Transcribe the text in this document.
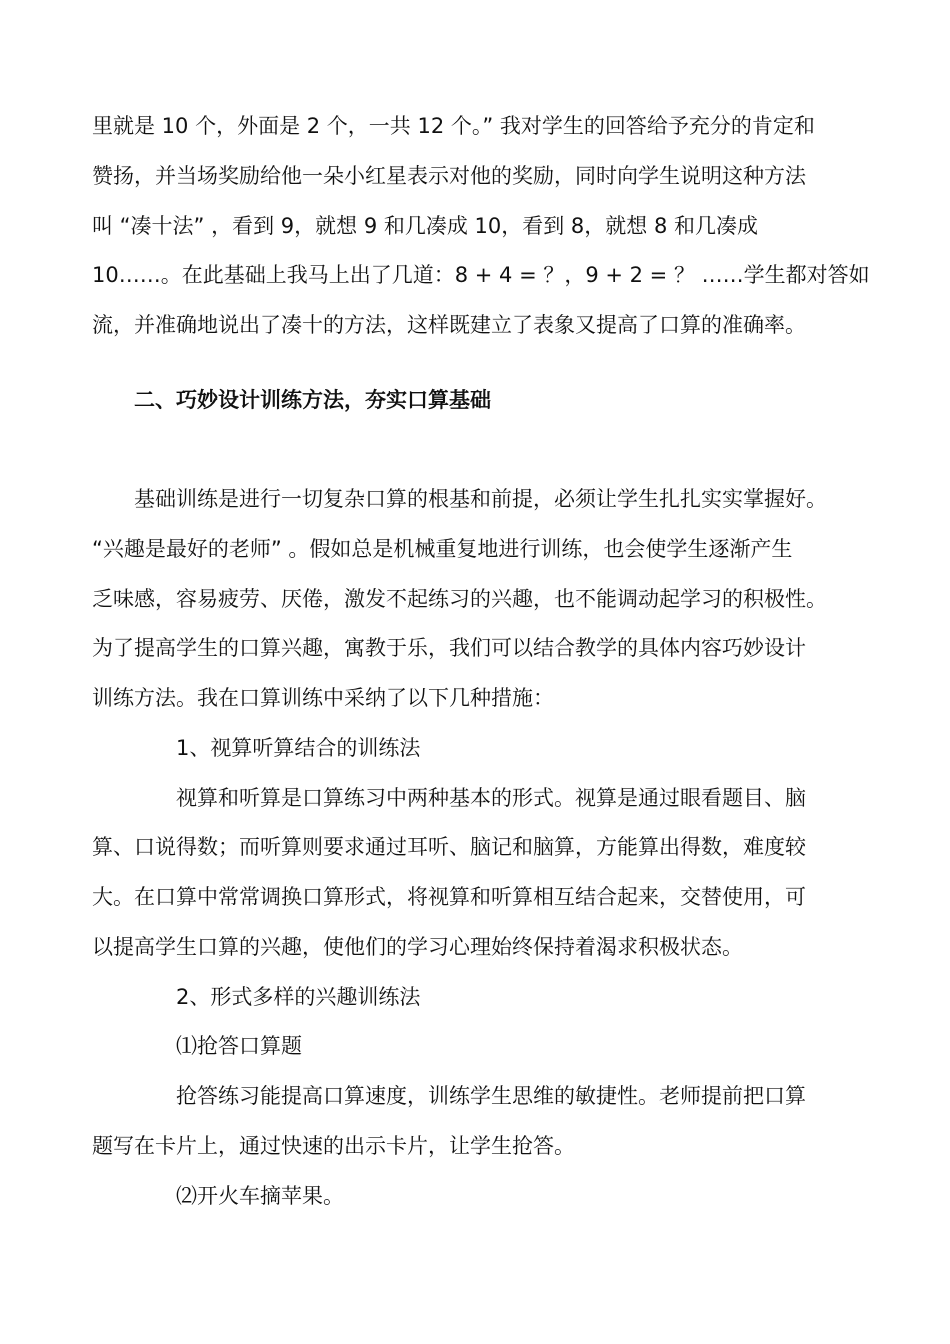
里就是 10 个，外面是 2 个，一共 12 个。” 我对学生的回答给予充分的肯定和
赞扬，并当场奖励给他一朵小红星表示对他的奖励，同时向学生说明这种方法
叫 “凑十法” ，看到 9，就想 9 和几凑成 10，看到 8，就想 8 和几凑成
10……。在此基础上我马上出了几道：8 + 4 = ？，9 + 2 = ？ ……学生都对答如
流，并准确地说出了凑十的方法，这样既建立了表象又提高了口算的准确率。
二、巧妙设计训练方法，夯实口算基础
基础训练是进行一切复杂口算的根基和前提，必须让学生扎扎实实掌握好。
“兴趣是最好的老师” 。假如总是机械重复地进行训练，也会使学生逐渐产生
乏味感，容易疲劳、厌倦，激发不起练习的兴趣，也不能调动起学习的积极性。
为了提高学生的口算兴趣，寓教于乐，我们可以结合教学的具体内容巧妙设计
训练方法。我在口算训练中采纳了以下几种措施：
1、视算听算结合的训练法
视算和听算是口算练习中两种基本的形式。视算是通过眼看题目、脑
算、口说得数；而听算则要求通过耳听、脑记和脑算，方能算出得数，难度较
大。在口算中常常调换口算形式，将视算和听算相互结合起来，交替使用，可
以提高学生口算的兴趣，使他们的学习心理始终保持着渴求积极状态。
2、形式多样的兴趣训练法
⑴抢答口算题
抢答练习能提高口算速度，训练学生思维的敏捷性。老师提前把口算
题写在卡片上，通过快速的出示卡片，让学生抢答。
⑵开火车摘苹果。
